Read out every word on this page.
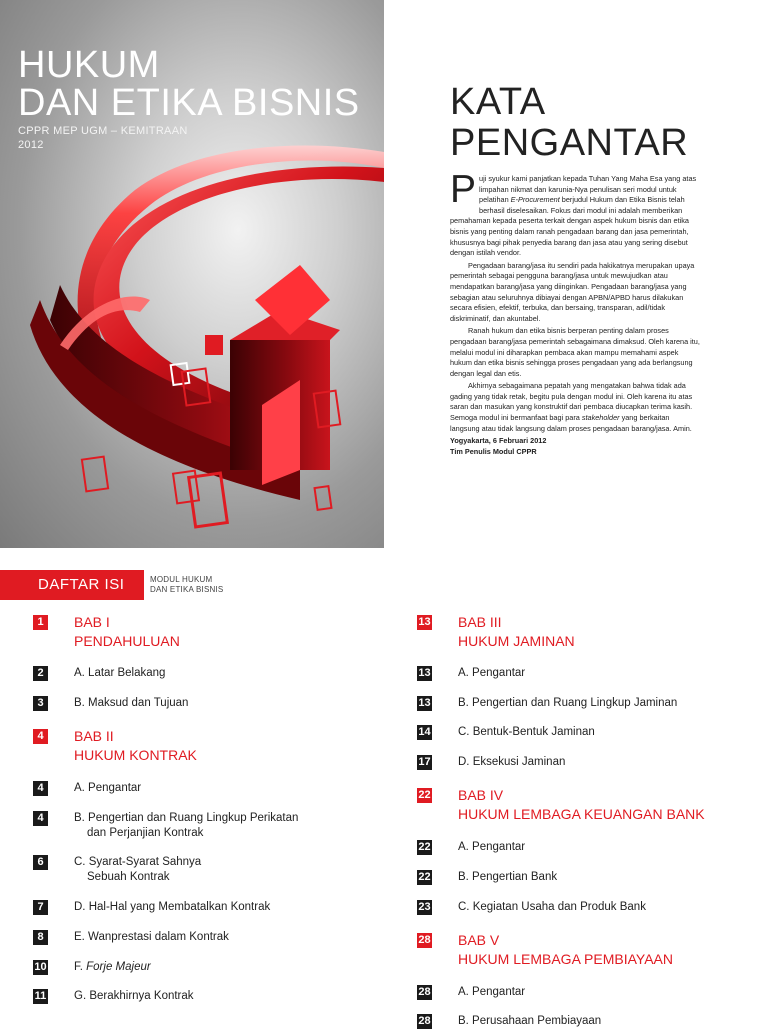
HUKUM
DAN ETIKA BISNIS
CPPR MEP UGM – KEMITRAAN
2012
KATA
PENGANTAR

Puji syukur kami panjatkan kepada Tuhan Yang Maha Esa yang atas limpahan nikmat dan karunia-Nya penulisan seri modul untuk pelatihan E-Procurement berjudul Hukum dan Etika Bisnis telah berhasil diselesaikan. Fokus dari modul ini adalah memberikan pemahaman kepada peserta terkait dengan aspek hukum bisnis dan etika bisnis yang penting dalam ranah pengadaan barang dan jasa pemerintah, khususnya bagi pihak penyedia barang dan jasa atau yang sering disebut dengan istilah vendor.

Pengadaan barang/jasa itu sendiri pada hakikatnya merupakan upaya pemerintah sebagai pengguna barang/jasa untuk mewujudkan atau mendapatkan barang/jasa yang diinginkan. Pengadaan barang/jasa yang sebagian atau seluruhnya dibiayai dengan APBN/APBD harus dilakukan secara efisien, efektif, terbuka, dan bersaing, transparan, adil/tidak diskriminatif, dan akuntabel.

Ranah hukum dan etika bisnis berperan penting dalam proses pengadaan barang/jasa pemerintah sebagaimana dimaksud. Oleh karena itu, melalui modul ini diharapkan pembaca akan mampu memahami aspek hukum dan etika bisnis sehingga proses pengadaan yang ada berlangsung dengan legal dan etis.

Akhirnya sebagaimana pepatah yang mengatakan bahwa tidak ada gading yang tidak retak, begitu pula dengan modul ini. Oleh karena itu atas saran dan masukan yang konstruktif dari pembaca diucapkan terima kasih. Semoga modul ini bermanfaat bagi para stakeholder yang berkaitan langsung atau tidak langsung dalam proses pengadaan barang/jasa. Amin.

Yogyakarta, 6 Februari 2012
Tim Penulis Modul CPPR

DAFTAR ISI	MODUL HUKUM
DAN ETIKA BISNIS
1	BAB I
PENDAHULUAN
2	A. Latar Belakang
3	B. Maksud dan Tujuan
4	BAB II
HUKUM KONTRAK
4	A. Pengantar
4	B. Pengertian dan Ruang Lingkup Perikatan
dan Perjanjian Kontrak
6	C. Syarat-Syarat Sahnya
Sebuah Kontrak
7	D. Hal-Hal yang Membatalkan Kontrak
8	E. Wanprestasi dalam Kontrak
10 F. Forje Majeur
11 G. Berakhirnya Kontrak
13 BAB III
HUKUM JAMINAN
13 A. Pengantar
13 B. Pengertian dan Ruang Lingkup Jaminan
14 C. Bentuk-Bentuk Jaminan
17 D. Eksekusi Jaminan
22 BAB IV
HUKUM LEMBAGA KEUANGAN BANK
22 A. Pengantar
22 B. Pengertian Bank
23 C. Kegiatan Usaha dan Produk Bank
28 BAB V
HUKUM LEMBAGA PEMBIAYAAN
28 A. Pengantar
28 B. Perusahaan Pembiayaan
